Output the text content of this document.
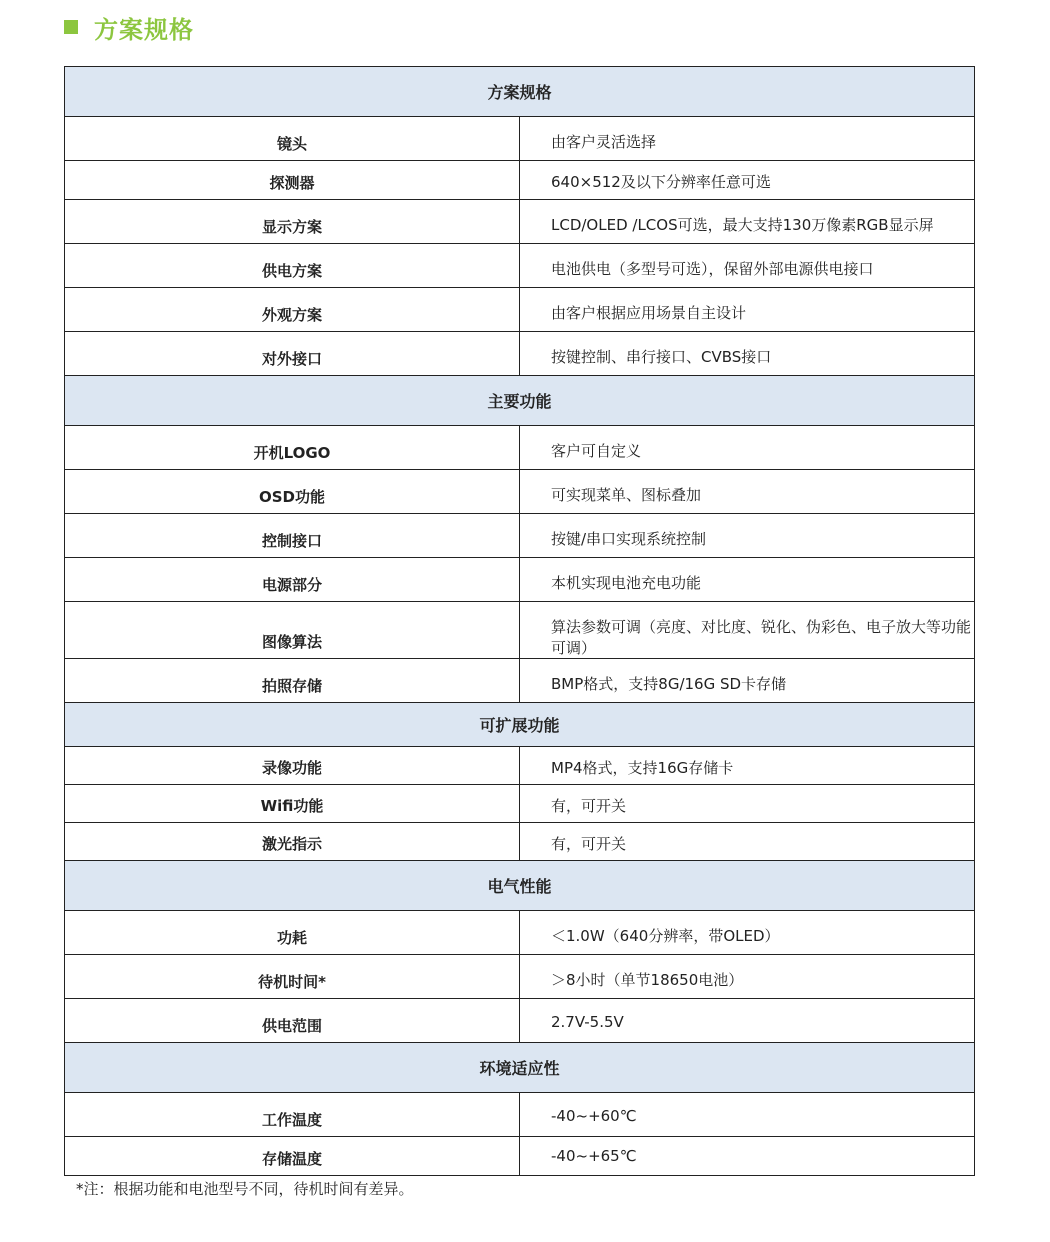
方案规格
方案规格	
镜头	由客户灵活选择
探测器	640×512及以下分辨率任意可选
显示方案	LCD/OLED /LCOS可选，最大支持130万像素RGB显示屏
供电方案	电池供电（多型号可选），保留外部电源供电接口
外观方案	由客户根据应用场景自主设计
对外接口	按键控制、串行接口、CVBS接口
主要功能	
开机LOGO	客户可自定义
OSD功能	可实现菜单、图标叠加
控制接口	按键/串口实现系统控制
电源部分	本机实现电池充电功能
图像算法	算法参数可调（亮度、对比度、锐化、伪彩色、电子放大等功能可调）
拍照存储	BMP格式，支持8G/16G SD卡存储
可扩展功能	
录像功能	MP4格式，支持16G存储卡
Wifi功能	有，可开关
激光指示	有，可开关
电气性能	
功耗	＜1.0W（640分辨率，带OLED）
待机时间*	＞8小时（单节18650电池）
供电范围	2.7V-5.5V
环境适应性	
工作温度	-40~+60℃
存储温度	-40~+65℃
*注：根据功能和电池型号不同，待机时间有差异。
